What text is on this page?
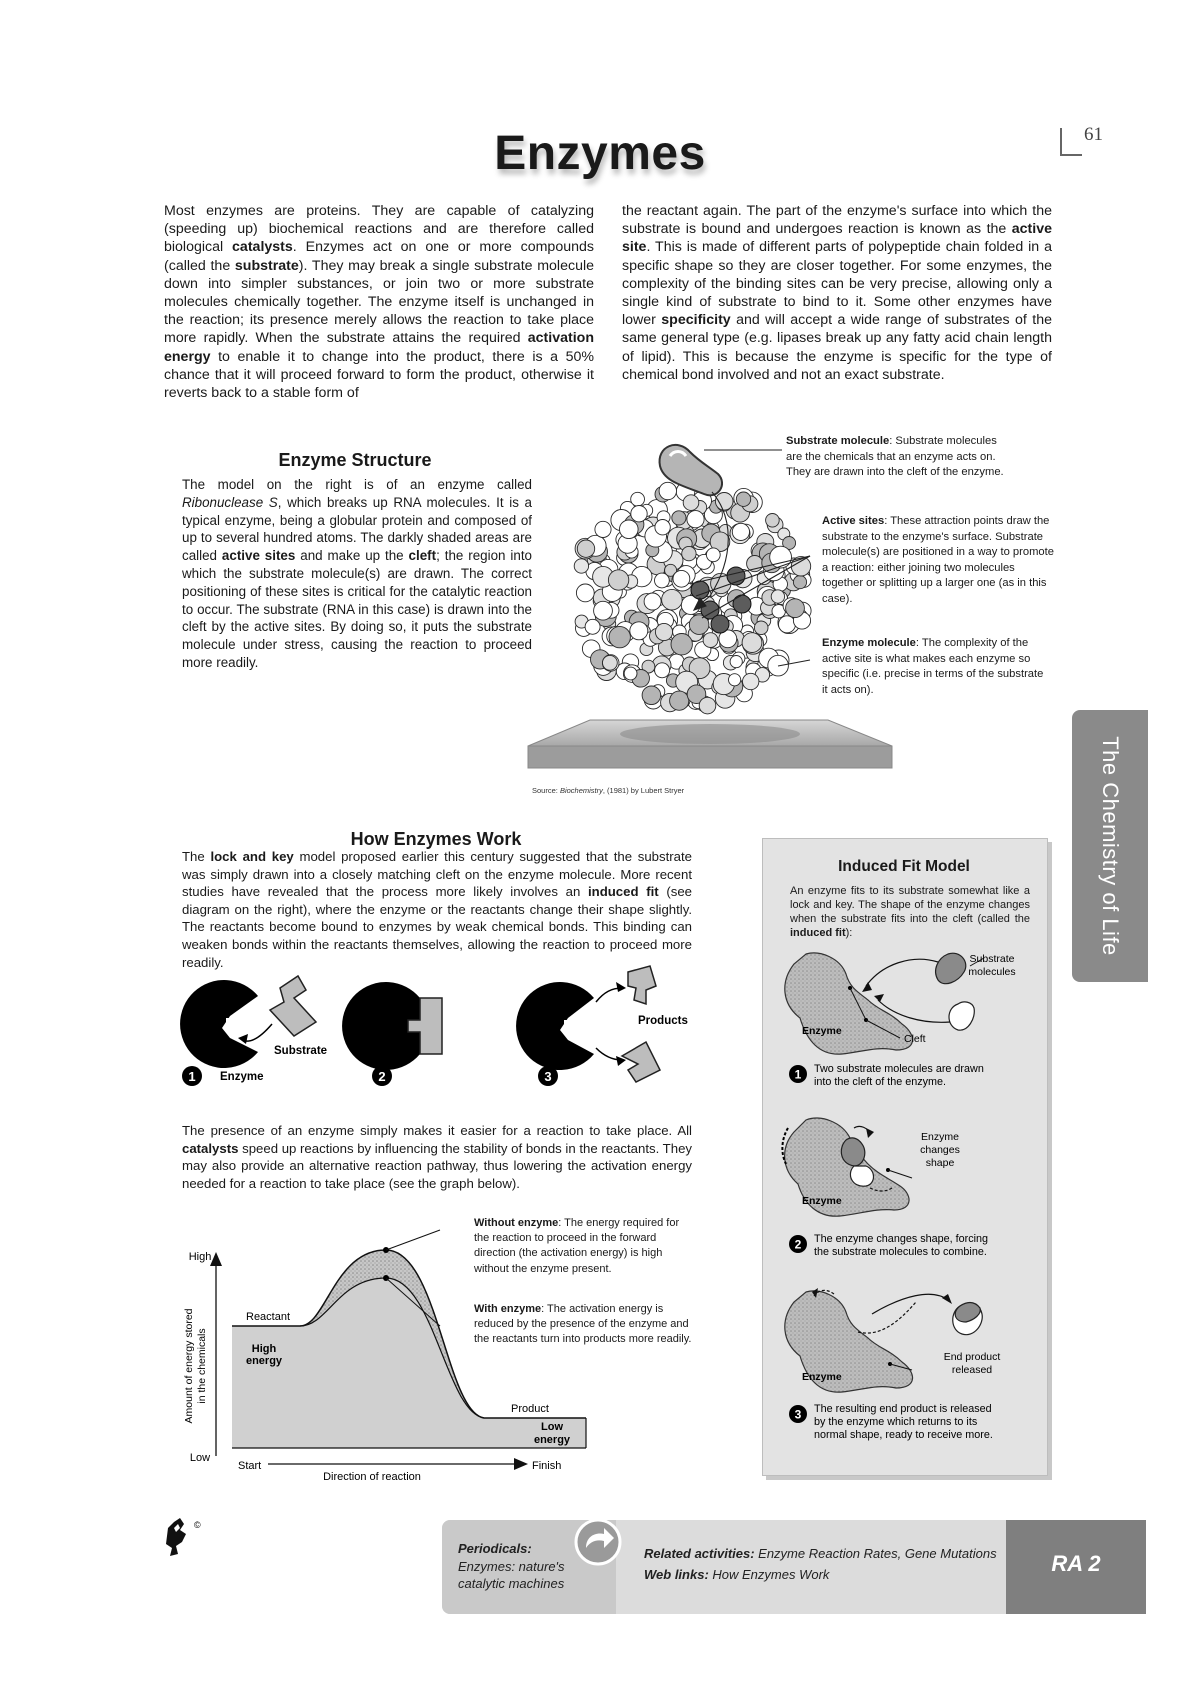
61
Enzymes
Most enzymes are proteins. They are capable of catalyzing (speeding up) biochemical reactions and are therefore called biological catalysts. Enzymes act on one or more compounds (called the substrate). They may break a single substrate molecule down into simpler substances, or join two or more substrate molecules chemically together. The enzyme itself is unchanged in the reaction; its presence merely allows the reaction to take place more rapidly. When the substrate attains the required activation energy to enable it to change into the product, there is a 50% chance that it will proceed forward to form the product, otherwise it reverts back to a stable form of
the reactant again. The part of the enzyme's surface into which the substrate is bound and undergoes reaction is known as the active site. This is made of different parts of polypeptide chain folded in a specific shape so they are closer together. For some enzymes, the complexity of the binding sites can be very precise, allowing only a single kind of substrate to bind to it. Some other enzymes have lower specificity and will accept a wide range of substrates of the same general type (e.g. lipases break up any fatty acid chain length of lipid). This is because the enzyme is specific for the type of chemical bond involved and not an exact substrate.
Enzyme Structure
The model on the right is of an enzyme called Ribonuclease S, which breaks up RNA molecules. It is a typical enzyme, being a globular protein and composed of up to several hundred atoms. The darkly shaded areas are called active sites and make up the cleft; the region into which the substrate molecule(s) are drawn. The correct positioning of these sites is critical for the catalytic reaction to occur. The substrate (RNA in this case) is drawn into the cleft by the active sites. By doing so, it puts the substrate molecule under stress, causing the reaction to proceed more readily.
Substrate molecule: Substrate molecules are the chemicals that an enzyme acts on. They are drawn into the cleft of the enzyme.
Active sites: These attraction points draw the substrate to the enzyme's surface. Substrate molecule(s) are positioned in a way to promote a reaction: either joining two molecules together or splitting up a larger one (as in this case).
Enzyme molecule: The complexity of the active site is what makes each enzyme so specific (i.e. precise in terms of the substrate it acts on).
Source: Biochemistry, (1981) by Lubert Stryer	The Chemistry of Life
How Enzymes Work
The lock and key model proposed earlier this century suggested that the substrate was simply drawn into a closely matching cleft on the enzyme molecule. More recent studies have revealed that the process more likely involves an induced fit (see diagram on the right), where the enzyme or the reactants change their shape slightly. The reactants become bound to enzymes by weak chemical bonds. This binding can weaken bonds within the reactants themselves, allowing the reaction to proceed more readily.
1	2	3
Substrate
Enzyme
Products
The presence of an enzyme simply makes it easier for a reaction to take place. All catalysts speed up reactions by influencing the stability of bonds in the reactants. They may also provide an alternative reaction pathway, thus lowering the activation energy needed for a reaction to take place (see the graph below).
High
Low
Amount of energy stored in the chemicals
Start	Finish
Direction of reaction
Reactant
High
energy
Product
Low
energy
Without enzyme: The energy required for the reaction to proceed in the forward direction (the activation energy) is high without the enzyme present.
With enzyme: The activation energy is reduced by the presence of the enzyme and the reactants turn into products more readily.
Induced Fit Model
An enzyme fits to its substrate somewhat like a lock and key. The shape of the enzyme changes when the substrate fits into the cleft (called the induced fit):
Substrate
molecules
Enzyme
Cleft
1 Two substrate molecules are drawn
into the cleft of the enzyme.
Enzyme
changes
shape
Enzyme
2 The enzyme changes shape, forcing
the substrate molecules to combine.
Enzyme
End product
released
3 The resulting end product is released
by the enzyme which returns to its
normal shape, ready to receive more.
©
Periodicals:
Enzymes: nature's
catalytic machines
Related activities: Enzyme Reaction Rates, Gene Mutations
Web links: How Enzymes Work	RA 2
